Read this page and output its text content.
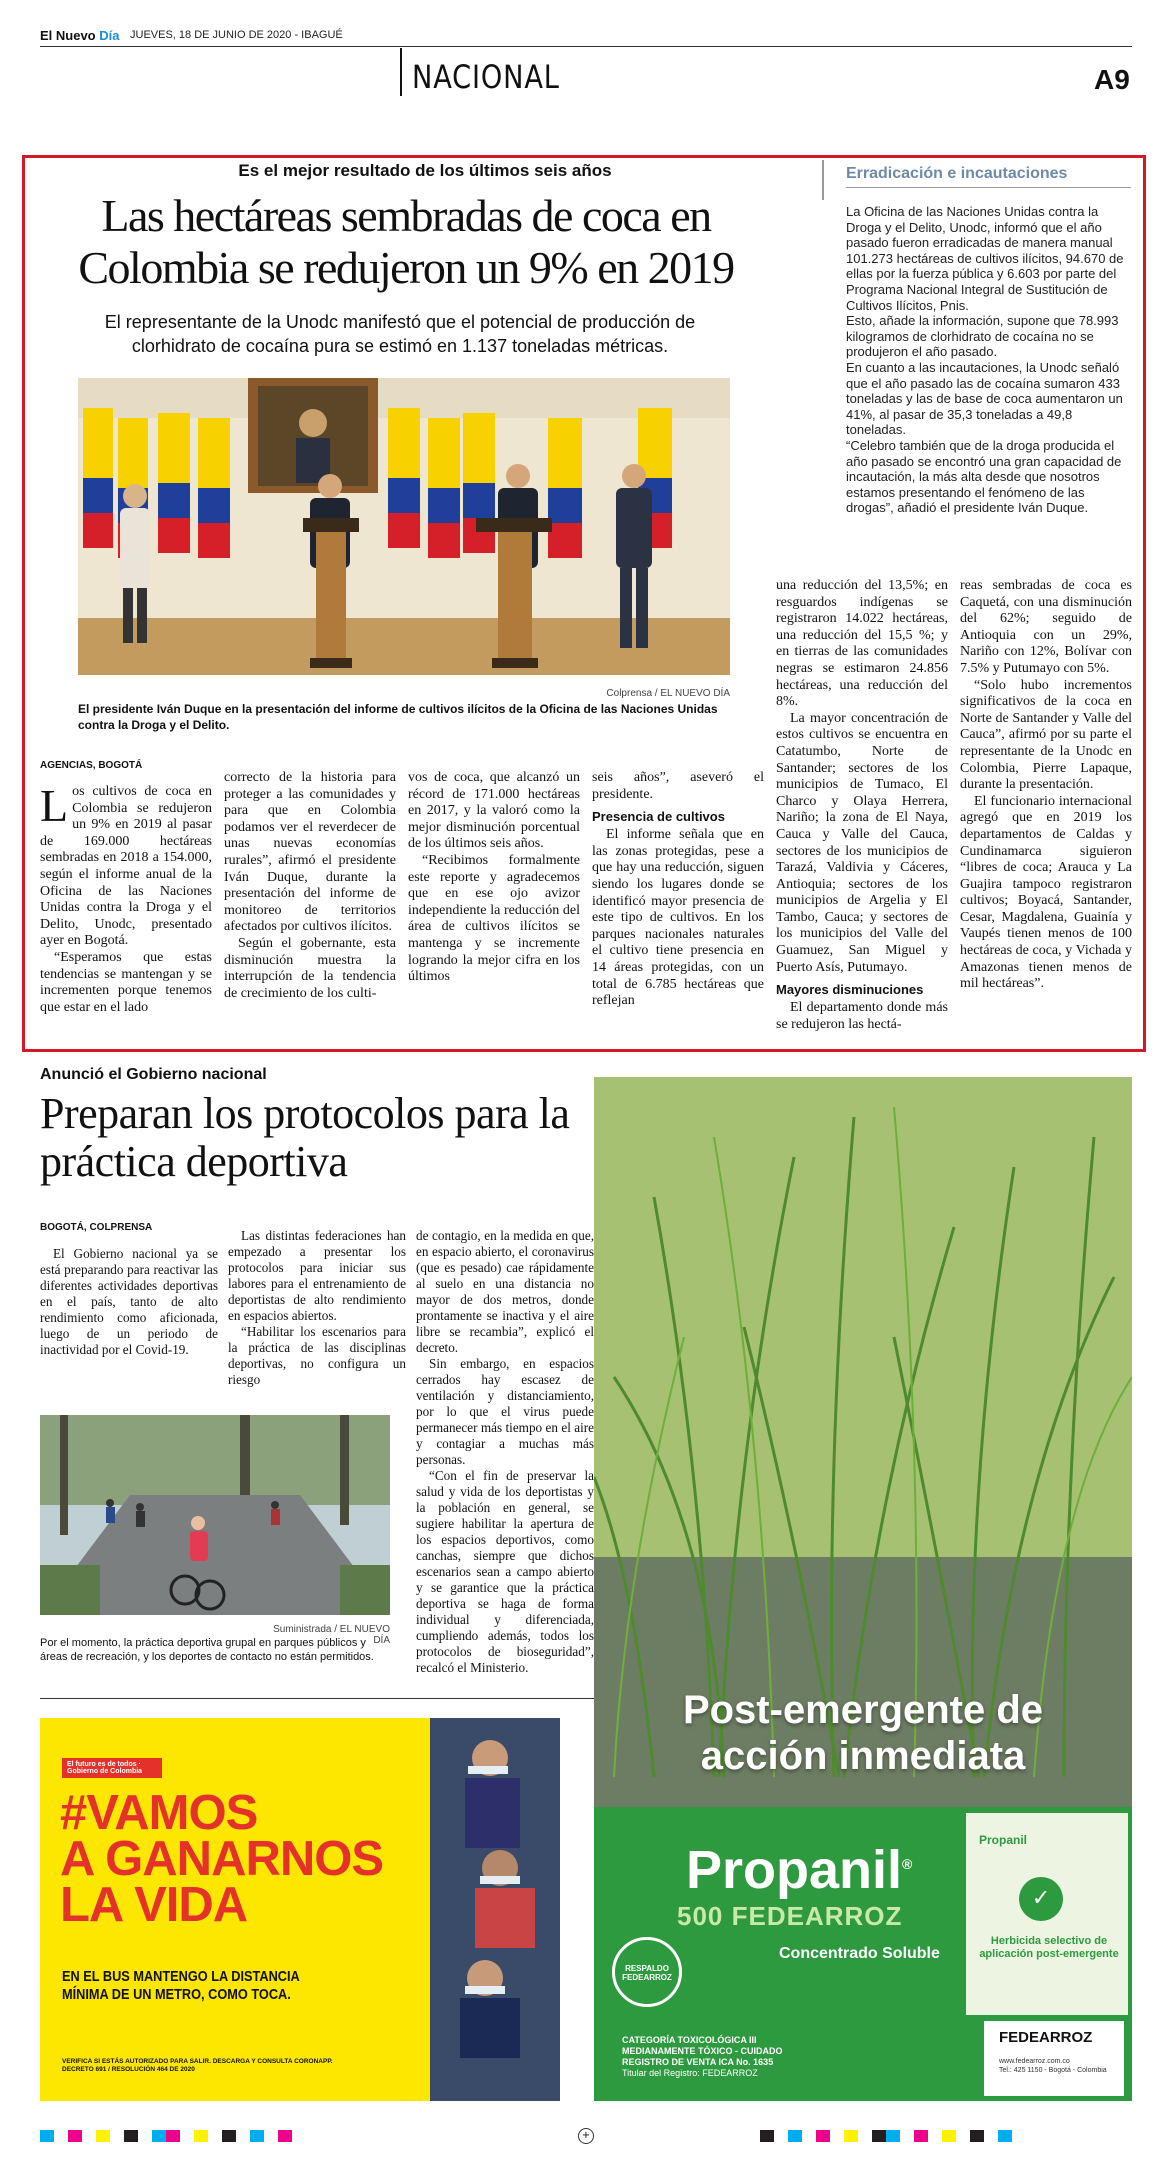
El Nuevo Día JUEVES, 18 DE JUNIO DE 2020 - IBAGUÉ
NACIONAL	A9
Es el mejor resultado de los últimos seis años
Las hectáreas sembradas de coca en Colombia se redujeron un 9% en 2019
El representante de la Unodc manifestó que el potencial de producción de clorhidrato de cocaína pura se estimó en 1.137 toneladas métricas.
Colprensa / EL NUEVO DÍA
El presidente Iván Duque en la presentación del informe de cultivos ilícitos de la Oficina de las Naciones Unidas contra la Droga y el Delito.
Erradicación e incautaciones

La Oficina de las Naciones Unidas contra la Droga y el Delito, Unodc, informó que el año pasado fueron erradicadas de manera manual 101.273 hectáreas de cultivos ilícitos, 94.670 de ellas por la fuerza pública y 6.603 por parte del Programa Nacional Integral de Sustitución de Cultivos Ilícitos, Pnis.

Esto, añade la información, supone que 78.993 kilogramos de clorhidrato de cocaína no se produjeron el año pasado.

En cuanto a las incautaciones, la Unodc señaló que el año pasado las de cocaína sumaron 433 toneladas y las de base de coca aumentaron un 41%, al pasar de 35,3 toneladas a 49,8 toneladas.

“Celebro también que de la droga producida el año pasado se encontró una gran capacidad de incautación, la más alta desde que nosotros estamos presentando el fenómeno de las drogas”, añadió el presidente Iván Duque.

AGENCIAS, BOGOTÁ

Los cultivos de coca en Colombia se redujeron un 9% en 2019 al pasar de 169.000 hectáreas sembradas en 2018 a 154.000, según el informe anual de la Oficina de las Naciones Unidas contra la Droga y el Delito, Unodc, presentado ayer en Bogotá.

“Esperamos que estas tendencias se mantengan y se incrementen porque tenemos que estar en el lado

correcto de la historia para proteger a las comunidades y para que en Colombia podamos ver el reverdecer de unas nuevas economías rurales”, afirmó el presidente Iván Duque, durante la presentación del informe de monitoreo de territorios afectados por cultivos ilícitos.

Según el gobernante, esta disminución muestra la interrupción de la tendencia de crecimiento de los culti-

vos de coca, que alcanzó un récord de 171.000 hectáreas en 2017, y la valoró como la mejor disminución porcentual de los últimos seis años.

“Recibimos formalmente este reporte y agradecemos que en ese ojo avizor independiente la reducción del área de cultivos ilícitos se mantenga y se incremente logrando la mejor cifra en los últimos

seis años”, aseveró el presidente.

Presencia de cultivos

El informe señala que en las zonas protegidas, pese a que hay una reducción, siguen siendo los lugares donde se identificó mayor presencia de este tipo de cultivos. En los parques nacionales naturales el cultivo tiene presencia en 14 áreas protegidas, con un total de 6.785 hectáreas que reflejan

una reducción del 13,5%; en resguardos indígenas se registraron 14.022 hectáreas, una reducción del 15,5 %; y en tierras de las comunidades negras se estimaron 24.856 hectáreas, una reducción del 8%.

La mayor concentración de estos cultivos se encuentra en Catatumbo, Norte de Santander; sectores de los municipios de Tumaco, El Charco y Olaya Herrera, Nariño; la zona de El Naya, Cauca y Valle del Cauca, sectores de los municipios de Tarazá, Valdivia y Cáceres, Antioquia; sectores de los municipios de Argelia y El Tambo, Cauca; y sectores de los municipios del Valle del Guamuez, San Miguel y Puerto Asís, Putumayo.

Mayores disminuciones

El departamento donde más se redujeron las hectá-

reas sembradas de coca es Caquetá, con una disminución del 62%; seguido de Antioquia con un 29%, Nariño con 12%, Bolívar con 7.5% y Putumayo con 5%.

“Solo hubo incrementos significativos de la coca en Norte de Santander y Valle del Cauca”, afirmó por su parte el representante de la Unodc en Colombia, Pierre Lapaque, durante la presentación.

El funcionario internacional agregó que en 2019 los departamentos de Caldas y Cundinamarca siguieron “libres de coca; Arauca y La Guajira tampoco registraron cultivos; Boyacá, Santander, Cesar, Magdalena, Guainía y Vaupés tienen menos de 100 hectáreas de coca, y Vichada y Amazonas tienen menos de mil hectáreas”.

Anunció el Gobierno nacional
Preparan los protocolos para la práctica deportiva
BOGOTÁ, COLPRENSA

El Gobierno nacional ya se está preparando para reactivar las diferentes actividades deportivas en el país, tanto de alto rendimiento como aficionada, luego de un periodo de inactividad por el Covid-19.

Las distintas federaciones han empezado a presentar los protocolos para iniciar sus labores para el entrenamiento de deportistas de alto rendimiento en espacios abiertos.

“Habilitar los escenarios para la práctica de las disciplinas deportivas, no configura un riesgo

de contagio, en la medida en que, en espacio abierto, el coronavirus (que es pesado) cae rápidamente al suelo en una distancia no mayor de dos metros, donde prontamente se inactiva y el aire libre se recambia”, explicó el decreto.

Sin embargo, en espacios cerrados hay escasez de ventilación y distanciamiento, por lo que el virus puede permanecer más tiempo en el aire y contagiar a muchas más personas.

“Con el fin de preservar la salud y vida de los deportistas y la población en general, se sugiere habilitar la apertura de los espacios deportivos, como canchas, siempre que dichos escenarios sean a campo abierto y se garantice que la práctica deportiva se haga de forma individual y diferenciada, cumpliendo además, todos los protocolos de bioseguridad”, recalcó el Ministerio.

Suministrada / EL NUEVO DÍA
Por el momento, la práctica deportiva grupal en parques públicos y áreas de recreación, y los deportes de contacto no están permitidos.
El futuro es de todos · Gobierno de Colombia
#VAMOS
A GANARNOS
LA VIDA
EN EL BUS MANTENGO LA DISTANCIA
MÍNIMA DE UN METRO, COMO TOCA.
VERIFICA SI ESTÁS AUTORIZADO PARA SALIR. DESCARGA Y CONSULTA CORONAPP.
DECRETO 691 / RESOLUCIÓN 464 DE 2020
Post-emergente de
acción inmediata
Propanil®
500 FEDEARROZ
Concentrado Soluble
RESPALDO FEDEARROZ
Propanil
✓
Herbicida selectivo de aplicación post-emergente
CATEGORÍA TOXICOLÓGICA III
MEDIANAMENTE TÓXICO - CUIDADO
REGISTRO DE VENTA ICA No. 1635
Titular del Registro: FEDEARROZ
FEDEARROZ
www.fedearroz.com.co
Tel.: 425 1150 - Bogotá - Colombia
+
